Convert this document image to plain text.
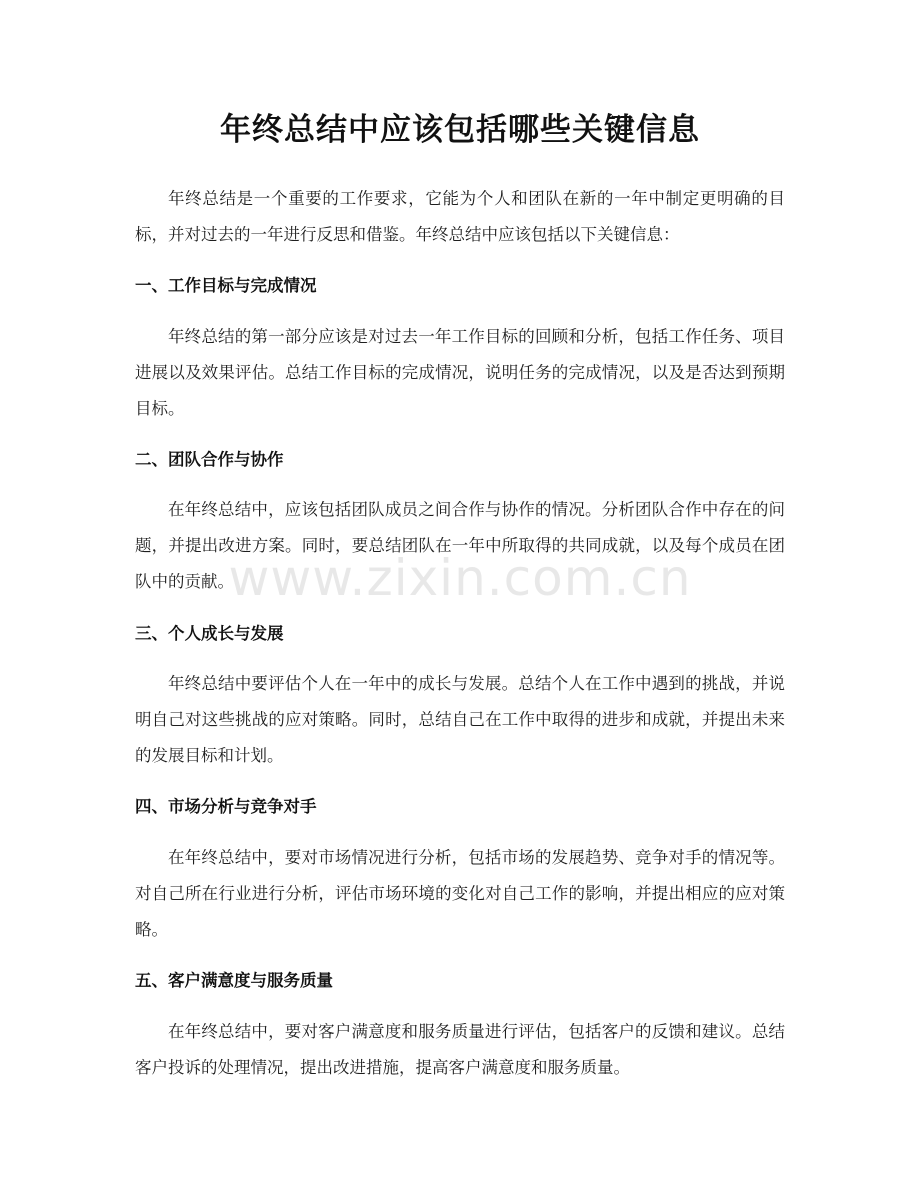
年终总结中应该包括哪些关键信息

年终总结是一个重要的工作要求，它能为个人和团队在新的一年中制定更明确的目标，并对过去的一年进行反思和借鉴。年终总结中应该包括以下关键信息：

一、工作目标与完成情况

年终总结的第一部分应该是对过去一年工作目标的回顾和分析，包括工作任务、项目进展以及效果评估。总结工作目标的完成情况，说明任务的完成情况，以及是否达到预期目标。

二、团队合作与协作

在年终总结中，应该包括团队成员之间合作与协作的情况。分析团队合作中存在的问题，并提出改进方案。同时，要总结团队在一年中所取得的共同成就，以及每个成员在团队中的贡献。

三、个人成长与发展

年终总结中要评估个人在一年中的成长与发展。总结个人在工作中遇到的挑战，并说明自己对这些挑战的应对策略。同时，总结自己在工作中取得的进步和成就，并提出未来的发展目标和计划。

四、市场分析与竞争对手

在年终总结中，要对市场情况进行分析，包括市场的发展趋势、竞争对手的情况等。对自己所在行业进行分析，评估市场环境的变化对自己工作的影响，并提出相应的应对策略。

五、客户满意度与服务质量

在年终总结中，要对客户满意度和服务质量进行评估，包括客户的反馈和建议。总结客户投诉的处理情况，提出改进措施，提高客户满意度和服务质量。

www.zixin.com.cn
